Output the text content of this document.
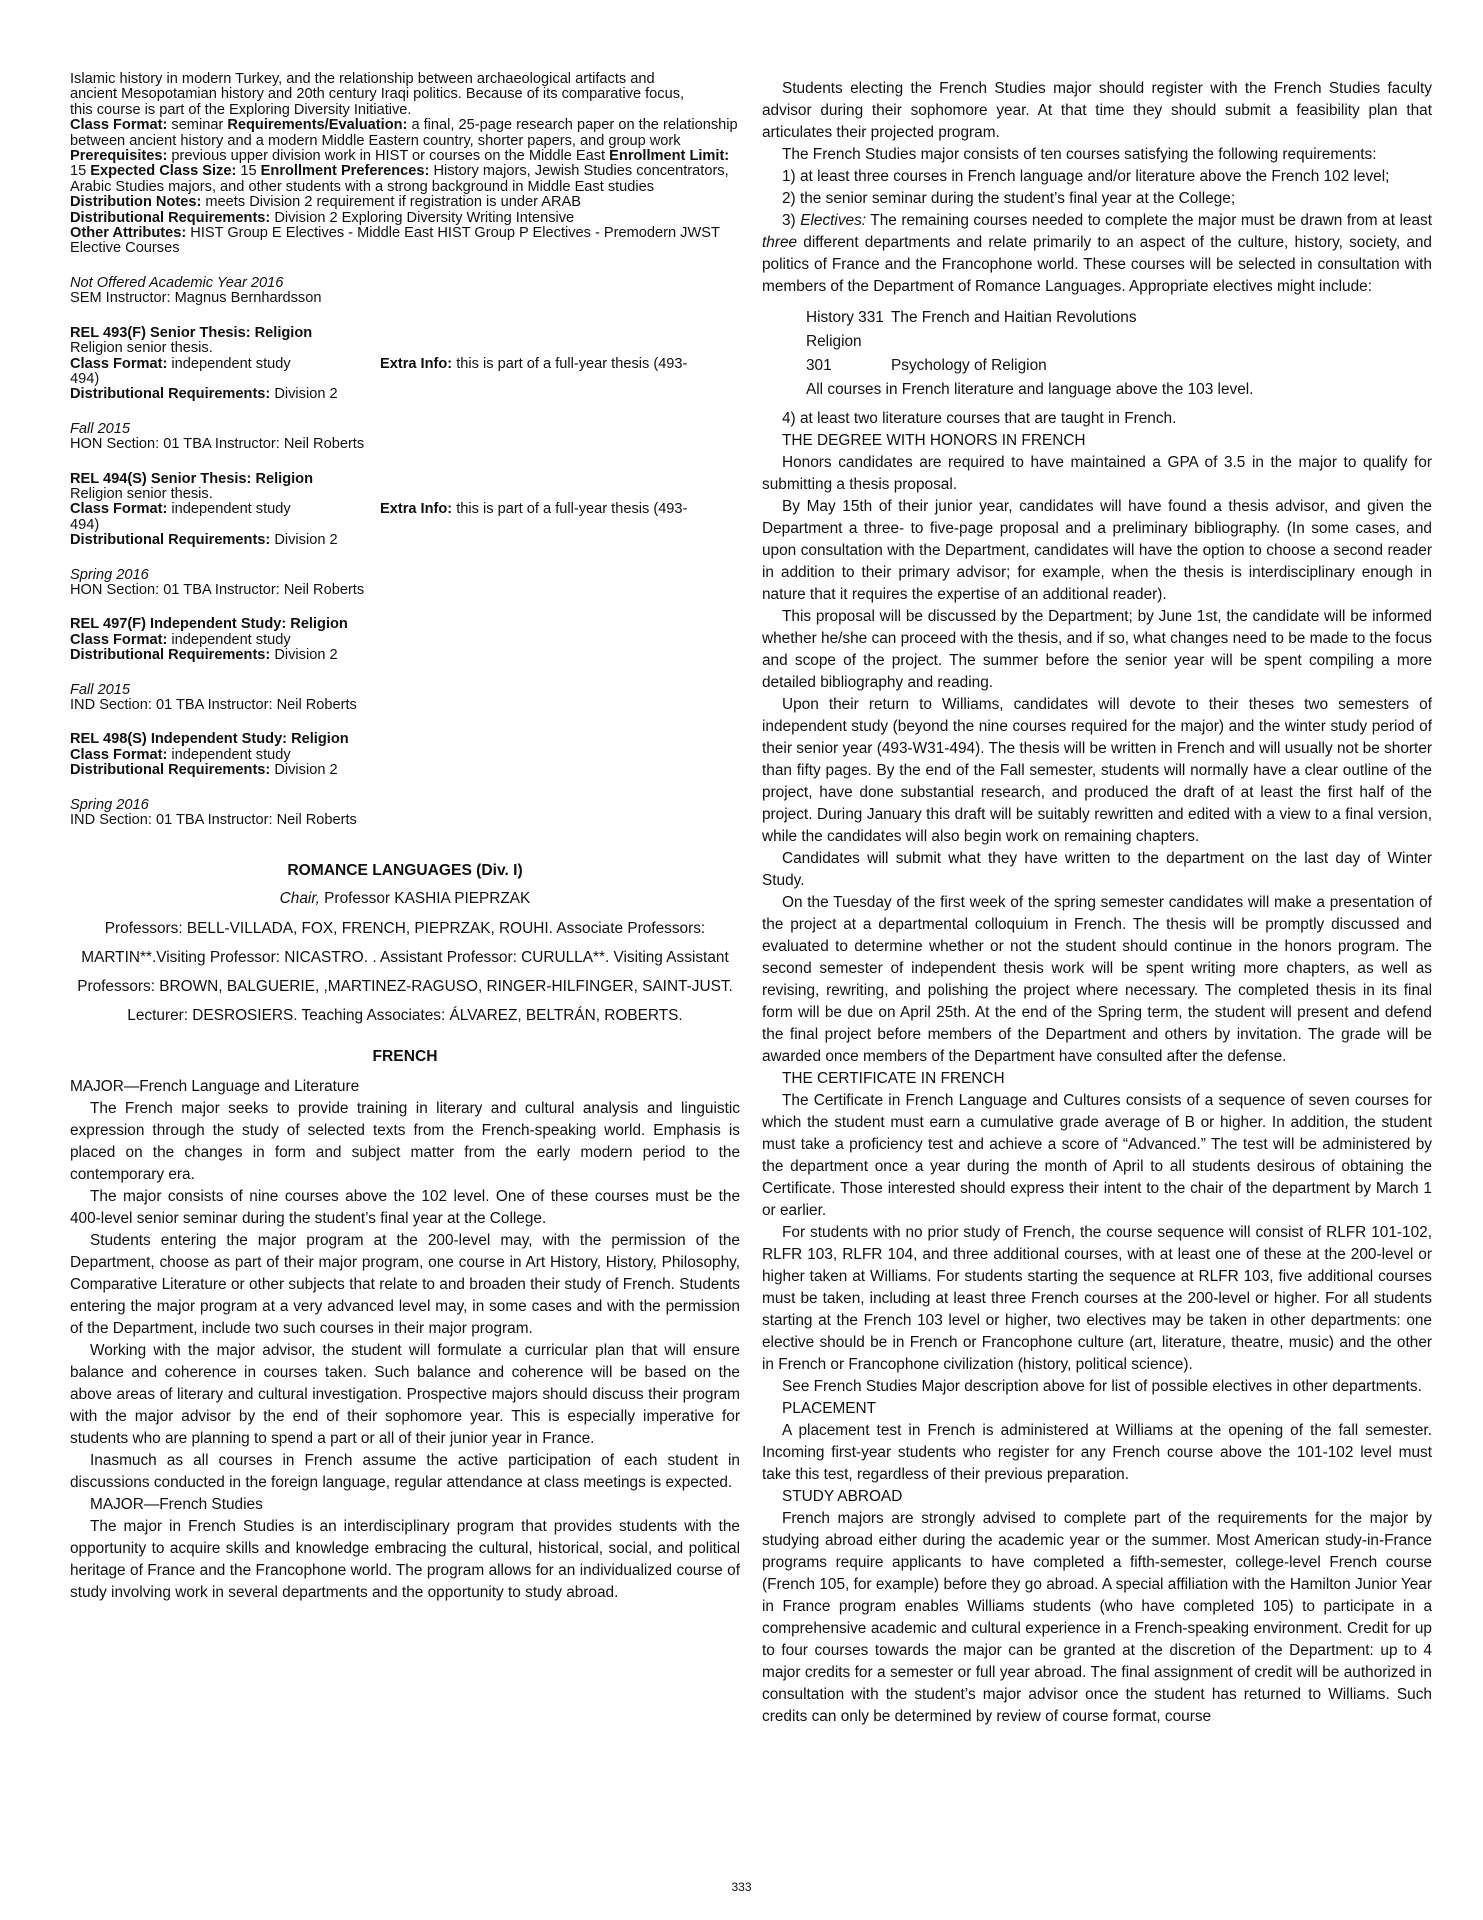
Islamic history in modern Turkey, and the relationship between archaeological artifacts and

ancient Mesopotamian history and 20th century Iraqi politics. Because of its comparative focus,

this course is part of the Exploring Diversity Initiative.

Class Format: seminar Requirements/Evaluation: a final, 25-page research paper on the relationship between ancient history and a modern Middle Eastern country, shorter papers, and group work Prerequisites: previous upper division work in HIST or courses on the Middle East Enrollment Limit: 15 Expected Class Size: 15 Enrollment Preferences: History majors, Jewish Studies concentrators, Arabic Studies majors, and other students with a strong background in Middle East studies Distribution Notes: meets Division 2 requirement if registration is under ARAB

Distributional Requirements: Division 2 Exploring Diversity Writing Intensive

Other Attributes: HIST Group E Electives - Middle East HIST Group P Electives - Premodern JWST Elective Courses

Not Offered Academic Year 2016

SEM Instructor: Magnus Bernhardsson

REL 493(F) Senior Thesis: Religion

Religion senior thesis.

Class Format: independent study	Extra Info: this is part of a full-year thesis (493-

494)

Distributional Requirements: Division 2

Fall 2015

HON Section: 01 TBA Instructor: Neil Roberts

REL 494(S) Senior Thesis: Religion

Religion senior thesis.

Class Format: independent study	Extra Info: this is part of a full-year thesis (493-

494)

Distributional Requirements: Division 2

Spring 2016

HON Section: 01 TBA Instructor: Neil Roberts

REL 497(F) Independent Study: Religion

Class Format: independent study

Distributional Requirements: Division 2

Fall 2015

IND Section: 01 TBA Instructor: Neil Roberts

REL 498(S) Independent Study: Religion

Class Format: independent study

Distributional Requirements: Division 2

Spring 2016

IND Section: 01 TBA Instructor: Neil Roberts

ROMANCE LANGUAGES (Div. I)
Chair, Professor KASHIA PIEPRZAK
Professors: BELL-VILLADA, FOX, FRENCH, PIEPRZAK, ROUHI. Associate Professors: MARTIN**.Visiting Professor: NICASTRO. . Assistant Professor: CURULLA**. Visiting Assistant Professors: BROWN, BALGUERIE, ,MARTINEZ-RAGUSO, RINGER-HILFINGER, SAINT-JUST. Lecturer: DESROSIERS. Teaching Associates: ÁLVAREZ, BELTRÁN, ROBERTS.
FRENCH

MAJOR—French Language and Literature

The French major seeks to provide training in literary and cultural analysis and linguistic expression through the study of selected texts from the French-speaking world. Emphasis is placed on the changes in form and subject matter from the early modern period to the contemporary era.

The major consists of nine courses above the 102 level. One of these courses must be the 400-level senior seminar during the student’s final year at the College.

Students entering the major program at the 200-level may, with the permission of the Department, choose as part of their major program, one course in Art History, History, Philosophy, Comparative Literature or other subjects that relate to and broaden their study of French. Students entering the major program at a very advanced level may, in some cases and with the permission of the Department, include two such courses in their major program.

Working with the major advisor, the student will formulate a curricular plan that will ensure balance and coherence in courses taken. Such balance and coherence will be based on the above areas of literary and cultural investigation. Prospective majors should discuss their program with the major advisor by the end of their sophomore year. This is especially imperative for students who are planning to spend a part or all of their junior year in France.

Inasmuch as all courses in French assume the active participation of each student in discussions conducted in the foreign language, regular attendance at class meetings is expected.

MAJOR—French Studies

The major in French Studies is an interdisciplinary program that provides students with the opportunity to acquire skills and knowledge embracing the cultural, historical, social, and political heritage of France and the Francophone world. The program allows for an individualized course of study involving work in several departments and the opportunity to study abroad.

Students electing the French Studies major should register with the French Studies faculty advisor during their sophomore year. At that time they should submit a feasibility plan that articulates their projected program.

The French Studies major consists of ten courses satisfying the following requirements:

1) at least three courses in French language and/or literature above the French 102 level;

2) the senior seminar during the student’s final year at the College;

3) Electives: The remaining courses needed to complete the major must be drawn from at least three different departments and relate primarily to an aspect of the culture, history, society, and politics of France and the Francophone world. These courses will be selected in consultation with members of the Department of Romance Languages. Appropriate electives might include:

History 331 The French and Haitian Revolutions
Religion 301	Psychology of Religion
All courses in French literature and language above the 103 level.

4) at least two literature courses that are taught in French.

THE DEGREE WITH HONORS IN FRENCH

Honors candidates are required to have maintained a GPA of 3.5 in the major to qualify for submitting a thesis proposal.

By May 15th of their junior year, candidates will have found a thesis advisor, and given the Department a three- to five-page proposal and a preliminary bibliography. (In some cases, and upon consultation with the Department, candidates will have the option to choose a second reader in addition to their primary advisor; for example, when the thesis is interdisciplinary enough in nature that it requires the expertise of an additional reader).

This proposal will be discussed by the Department; by June 1st, the candidate will be informed whether he/she can proceed with the thesis, and if so, what changes need to be made to the focus and scope of the project. The summer before the senior year will be spent compiling a more detailed bibliography and reading.

Upon their return to Williams, candidates will devote to their theses two semesters of independent study (beyond the nine courses required for the major) and the winter study period of their senior year (493-W31-494). The thesis will be written in French and will usually not be shorter than fifty pages. By the end of the Fall semester, students will normally have a clear outline of the project, have done substantial research, and produced the draft of at least the first half of the project. During January this draft will be suitably rewritten and edited with a view to a final version, while the candidates will also begin work on remaining chapters.

Candidates will submit what they have written to the department on the last day of Winter Study.

On the Tuesday of the first week of the spring semester candidates will make a presentation of the project at a departmental colloquium in French. The thesis will be promptly discussed and evaluated to determine whether or not the student should continue in the honors program. The second semester of independent thesis work will be spent writing more chapters, as well as revising, rewriting, and polishing the project where necessary. The completed thesis in its final form will be due on April 25th. At the end of the Spring term, the student will present and defend the final project before members of the Department and others by invitation. The grade will be awarded once members of the Department have consulted after the defense.

THE CERTIFICATE IN FRENCH

The Certificate in French Language and Cultures consists of a sequence of seven courses for which the student must earn a cumulative grade average of B or higher. In addition, the student must take a proficiency test and achieve a score of “Advanced.” The test will be administered by the department once a year during the month of April to all students desirous of obtaining the Certificate. Those interested should express their intent to the chair of the department by March 1 or earlier.

For students with no prior study of French, the course sequence will consist of RLFR 101-102, RLFR 103, RLFR 104, and three additional courses, with at least one of these at the 200-level or higher taken at Williams. For students starting the sequence at RLFR 103, five additional courses must be taken, including at least three French courses at the 200-level or higher. For all students starting at the French 103 level or higher, two electives may be taken in other departments: one elective should be in French or Francophone culture (art, literature, theatre, music) and the other in French or Francophone civilization (history, political science).

See French Studies Major description above for list of possible electives in other departments.

PLACEMENT

A placement test in French is administered at Williams at the opening of the fall semester. Incoming first-year students who register for any French course above the 101-102 level must take this test, regardless of their previous preparation.

STUDY ABROAD

French majors are strongly advised to complete part of the requirements for the major by studying abroad either during the academic year or the summer. Most American study-in-France programs require applicants to have completed a fifth-semester, college-level French course (French 105, for example) before they go abroad. A special affiliation with the Hamilton Junior Year in France program enables Williams students (who have completed 105) to participate in a comprehensive academic and cultural experience in a French-speaking environment. Credit for up to four courses towards the major can be granted at the discretion of the Department: up to 4 major credits for a semester or full year abroad. The final assignment of credit will be authorized in consultation with the student’s major advisor once the student has returned to Williams. Such credits can only be determined by review of course format, course

333
